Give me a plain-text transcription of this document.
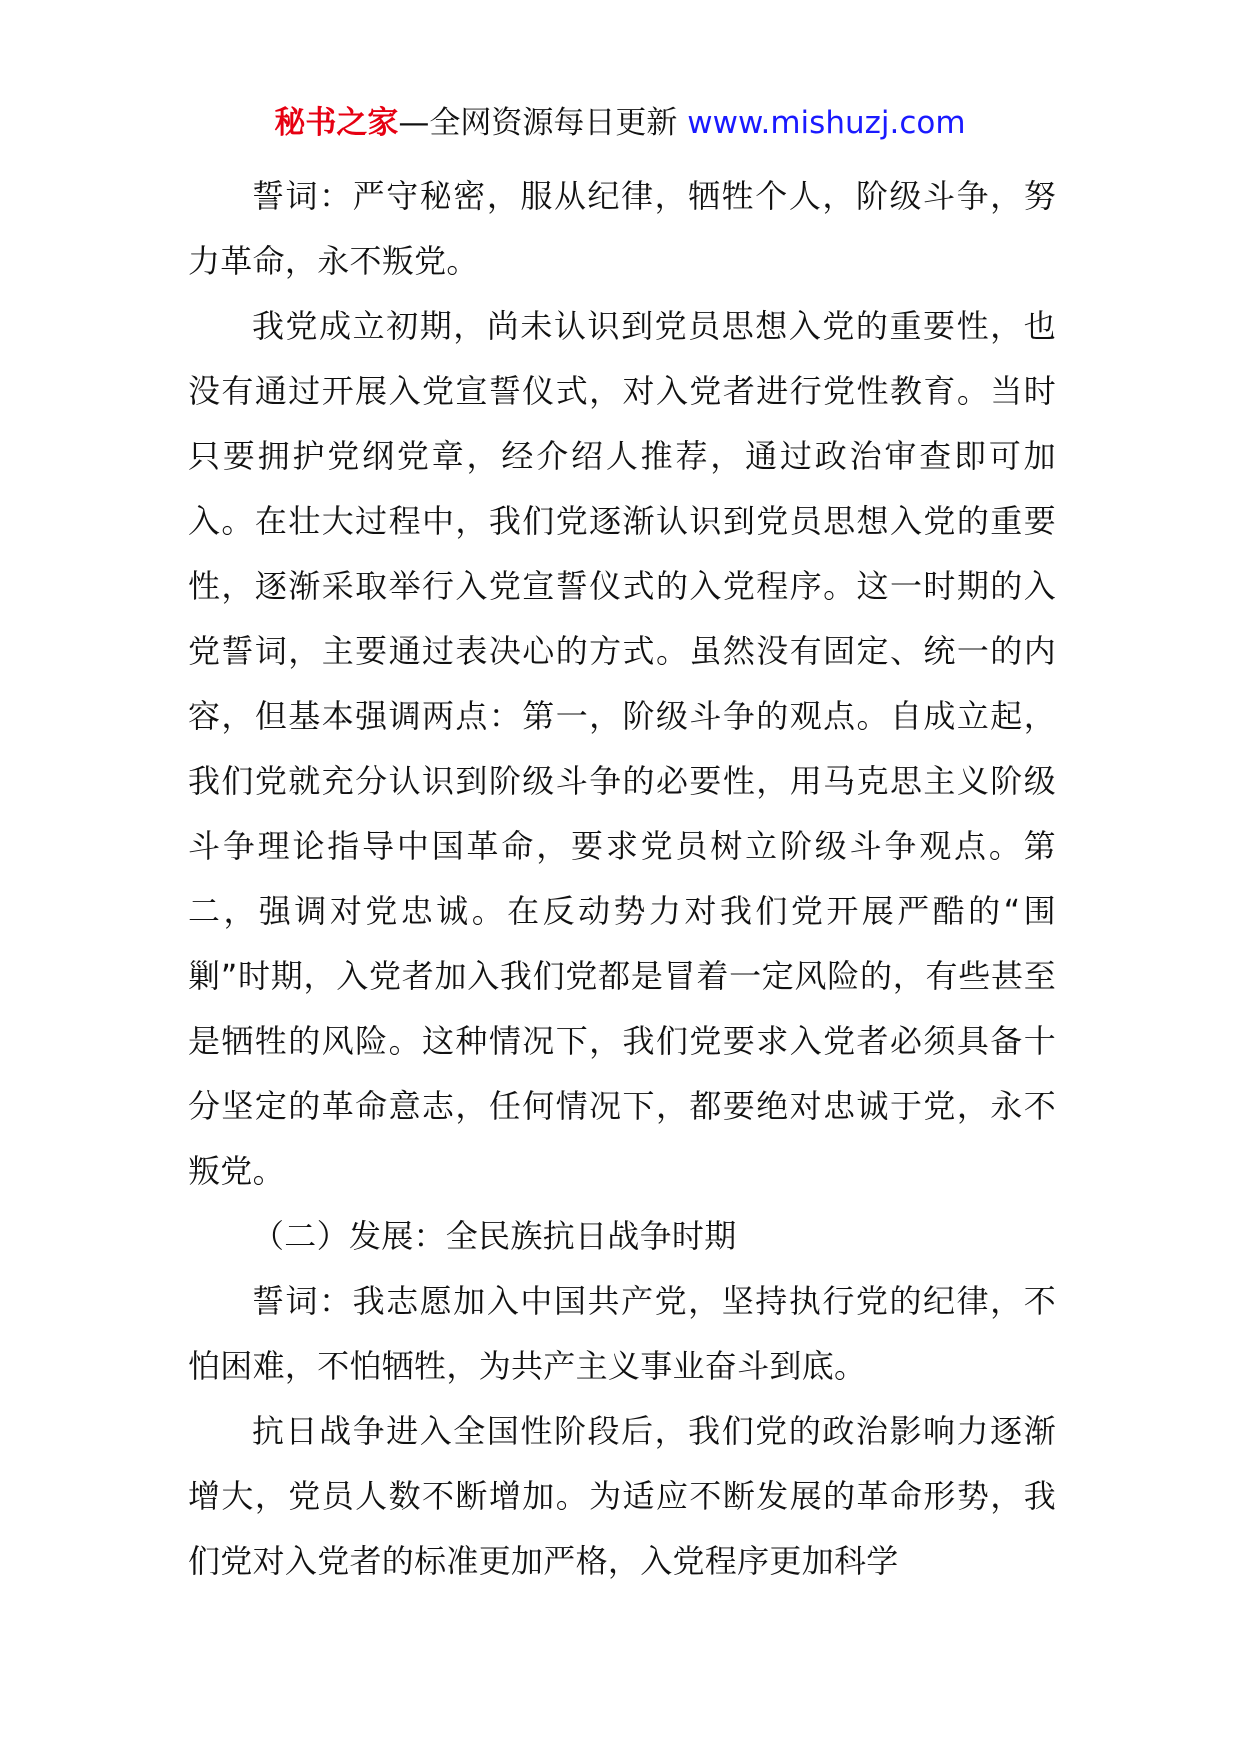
秘书之家—全网资源每日更新 www.mishuzj.com

誓词：严守秘密，服从纪律，牺牲个人，阶级斗争，努力革命，永不叛党。

我党成立初期，尚未认识到党员思想入党的重要性，也没有通过开展入党宣誓仪式，对入党者进行党性教育。当时只要拥护党纲党章，经介绍人推荐，通过政治审查即可加入。在壮大过程中，我们党逐渐认识到党员思想入党的重要性，逐渐采取举行入党宣誓仪式的入党程序。这一时期的入党誓词，主要通过表决心的方式。虽然没有固定、统一的内容，但基本强调两点：第一，阶级斗争的观点。自成立起，我们党就充分认识到阶级斗争的必要性，用马克思主义阶级斗争理论指导中国革命，要求党员树立阶级斗争观点。第二，强调对党忠诚。在反动势力对我们党开展严酷的“围剿”时期，入党者加入我们党都是冒着一定风险的，有些甚至是牺牲的风险。这种情况下，我们党要求入党者必须具备十分坚定的革命意志，任何情况下，都要绝对忠诚于党，永不叛党。

（二）发展：全民族抗日战争时期

誓词：我志愿加入中国共产党，坚持执行党的纪律，不怕困难，不怕牺牲，为共产主义事业奋斗到底。

抗日战争进入全国性阶段后，我们党的政治影响力逐渐增大，党员人数不断增加。为适应不断发展的革命形势，我们党对入党者的标准更加严格，入党程序更加科学
